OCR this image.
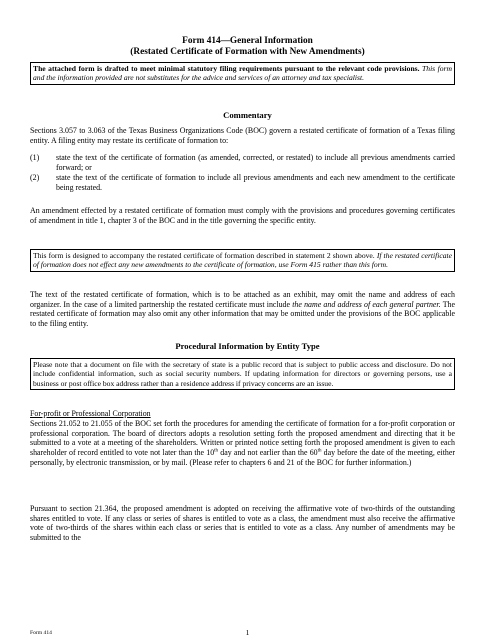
Form 414—General Information
(Restated Certificate of Formation with New Amendments)
The attached form is drafted to meet minimal statutory filing requirements pursuant to the relevant code provisions. This form and the information provided are not substitutes for the advice and services of an attorney and tax specialist.
Commentary
Sections 3.057 to 3.063 of the Texas Business Organizations Code (BOC) govern a restated certificate of formation of a Texas filing entity. A filing entity may restate its certificate of formation to:
(1) state the text of the certificate of formation (as amended, corrected, or restated) to include all previous amendments carried forward; or
(2) state the text of the certificate of formation to include all previous amendments and each new amendment to the certificate being restated.
An amendment effected by a restated certificate of formation must comply with the provisions and procedures governing certificates of amendment in title 1, chapter 3 of the BOC and in the title governing the specific entity.
This form is designed to accompany the restated certificate of formation described in statement 2 shown above. If the restated certificate of formation does not effect any new amendments to the certificate of formation, use Form 415 rather than this form.
The text of the restated certificate of formation, which is to be attached as an exhibit, may omit the name and address of each organizer. In the case of a limited partnership the restated certificate must include the name and address of each general partner. The restated certificate of formation may also omit any other information that may be omitted under the provisions of the BOC applicable to the filing entity.
Procedural Information by Entity Type
Please note that a document on file with the secretary of state is a public record that is subject to public access and disclosure. Do not include confidential information, such as social security numbers. If updating information for directors or governing persons, use a business or post office box address rather than a residence address if privacy concerns are an issue.
For-profit or Professional Corporation
Sections 21.052 to 21.055 of the BOC set forth the procedures for amending the certificate of formation for a for-profit corporation or professional corporation. The board of directors adopts a resolution setting forth the proposed amendment and directing that it be submitted to a vote at a meeting of the shareholders. Written or printed notice setting forth the proposed amendment is given to each shareholder of record entitled to vote not later than the 10th day and not earlier than the 60th day before the date of the meeting, either personally, by electronic transmission, or by mail. (Please refer to chapters 6 and 21 of the BOC for further information.)
Pursuant to section 21.364, the proposed amendment is adopted on receiving the affirmative vote of two-thirds of the outstanding shares entitled to vote. If any class or series of shares is entitled to vote as a class, the amendment must also receive the affirmative vote of two-thirds of the shares within each class or series that is entitled to vote as a class. Any number of amendments may be submitted to the
Form 414	1
